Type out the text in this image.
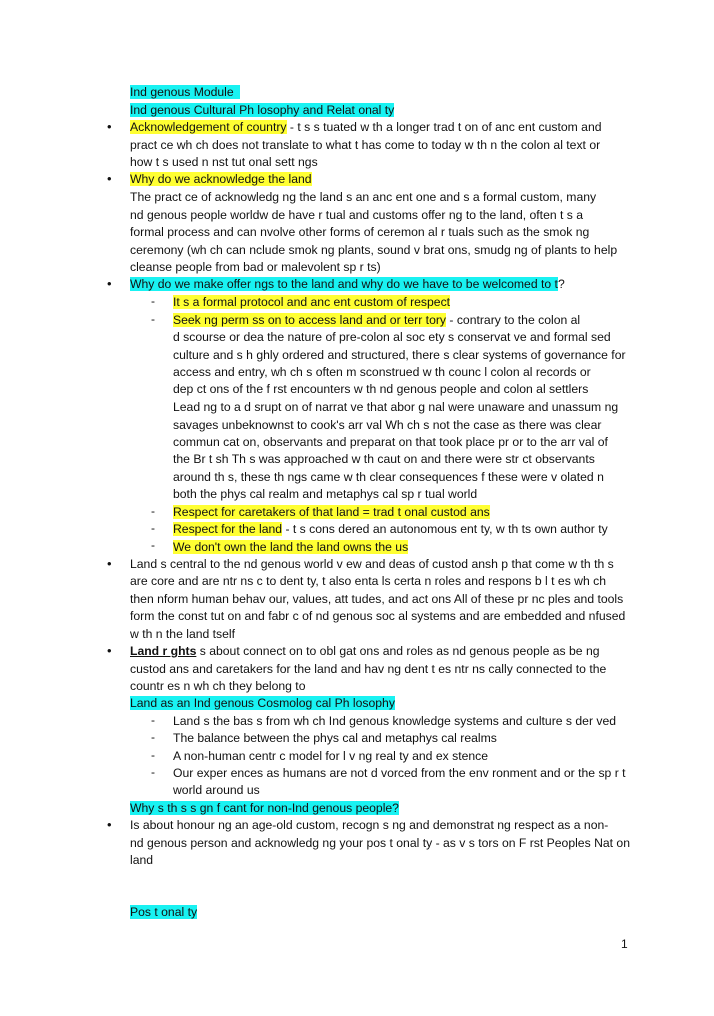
Ind genous Module
Ind genous Cultural Ph losophy and Relat onal ty
• Acknowledgement of country - t s s tuated w th a longer trad t on of anc ent custom and
pract ce wh ch does not translate to what t has come to today w th n the colon al text or
how t s used n nst tut onal sett ngs
• Why do we acknowledge the land
The pract ce of acknowledg ng the land s an anc ent one and s a formal custom, many
nd genous people worldw de have r tual and customs offer ng to the land, often t s a
formal process and can nvolve other forms of ceremon al r tuals such as the smok ng
ceremony (wh ch can nclude smok ng plants, sound v brat ons, smudg ng of plants to help
cleanse people from bad or malevolent sp r ts)
• Why do we make offer ngs to the land and why do we have to be welcomed to t?
- It s a formal protocol and anc ent custom of respect
- Seek ng perm ss on to access land and or terr tory - contrary to the colon al
d scourse or dea the nature of pre-colon al soc ety s conservat ve and formal sed
culture and s h ghly ordered and structured, there s clear systems of governance for
access and entry, wh ch s often m sconstrued w th counc l colon al records or
dep ct ons of the f rst encounters w th nd genous people and colon al settlers
Lead ng to a d srupt on of narrat ve that abor g nal were unaware and unassum ng
savages unbeknownst to cook's arr val Wh ch s not the case as there was clear
commun cat on, observants and preparat on that took place pr or to the arr val of
the Br t sh Th s was approached w th caut on and there were str ct observants
around th s, these th ngs came w th clear consequences f these were v olated n
both the phys cal realm and metaphys cal sp r tual world
- Respect for caretakers of that land = trad t onal custod ans
- Respect for the land - t s cons dered an autonomous ent ty, w th ts own author ty
- We don't own the land the land owns the us
• Land s central to the nd genous world v ew and deas of custod ansh p that come w th th s
are core and are ntr ns c to dent ty, t also enta ls certa n roles and respons b l t es wh ch
then nform human behav our, values, att tudes, and act ons All of these pr nc ples and tools
form the const tut on and fabr c of nd genous soc al systems and are embedded and nfused
w th n the land tself
• Land r ghts s about connect on to obl gat ons and roles as nd genous people as be ng
custod ans and caretakers for the land and hav ng dent t es ntr ns cally connected to the
countr es n wh ch they belong to
Land as an Ind genous Cosmolog cal Ph losophy
- Land s the bas s from wh ch Ind genous knowledge systems and culture s der ved
- The balance between the phys cal and metaphys cal realms
- A non-human centr c model for l v ng real ty and ex stence
- Our exper ences as humans are not d vorced from the env ronment and or the sp r t
world around us
Why s th s s gn f cant for non-Ind genous people?
• Is about honour ng an age-old custom, recogn s ng and demonstrat ng respect as a non-
nd genous person and acknowledg ng your pos t onal ty - as v s tors on F rst Peoples Nat on
land
Pos t onal ty
1
